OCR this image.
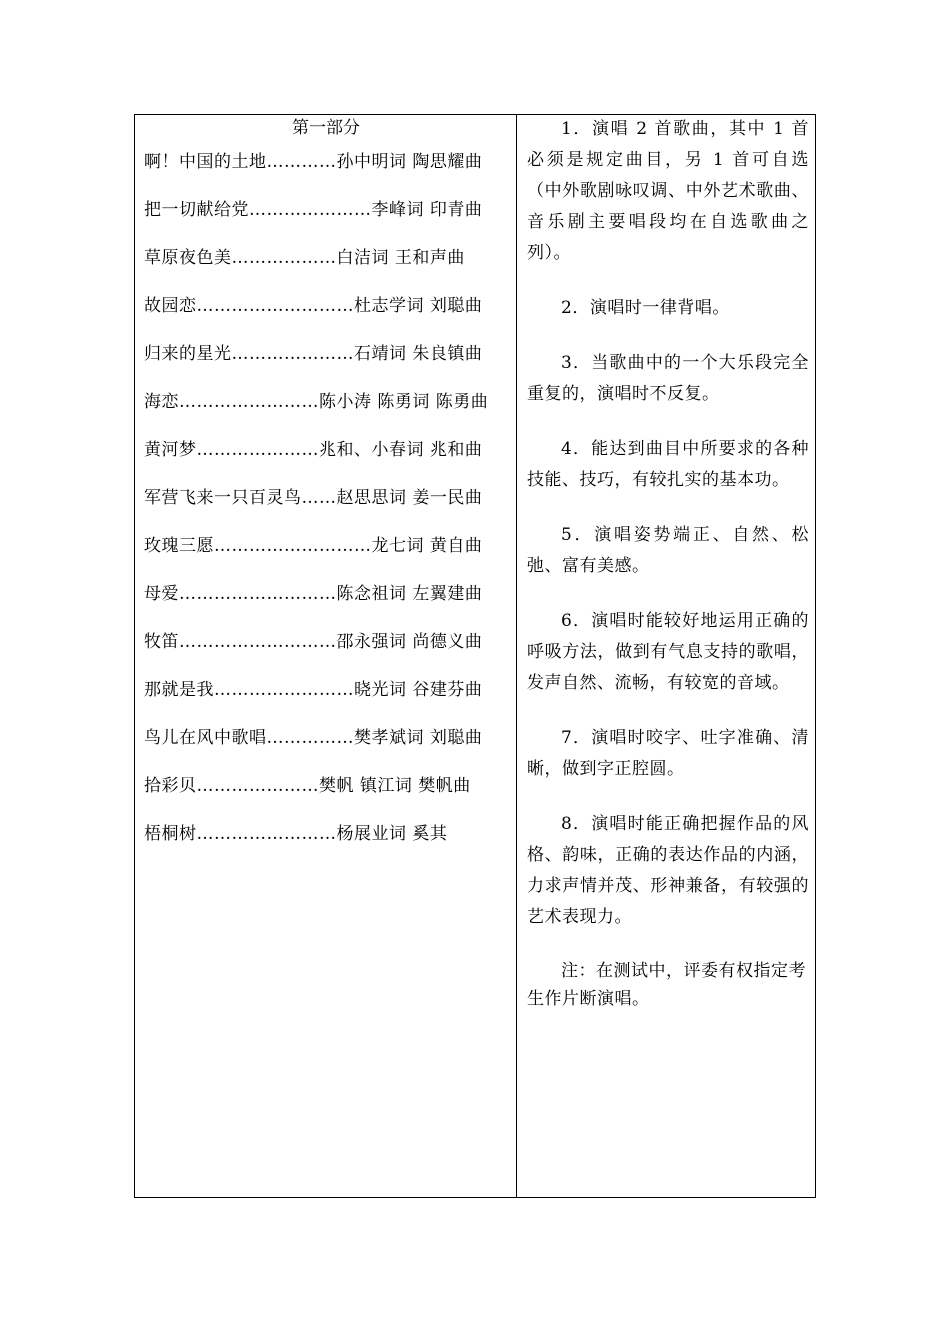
第一部分

啊！中国的土地…………孙中明词 陶思耀曲

把一切献给党…………………李峰词 印青曲

草原夜色美………………白洁词 王和声曲

故园恋………………………杜志学词 刘聪曲

归来的星光…………………石靖词 朱良镇曲

海恋……………………陈小涛 陈勇词 陈勇曲

黄河梦…………………兆和、小春词 兆和曲

军营飞来一只百灵鸟……赵思思词 姜一民曲

玫瑰三愿………………………龙七词 黄自曲

母爱………………………陈念祖词 左翼建曲

牧笛………………………邵永强词 尚德义曲

那就是我……………………晓光词 谷建芬曲

鸟儿在风中歌唱……………樊孝斌词 刘聪曲

拾彩贝…………………樊帆 镇江词 樊帆曲

梧桐树……………………杨展业词 奚其

1．演唱 2 首歌曲，其中 1 首必须是规定曲目，另 1 首可自选（中外歌剧咏叹调、中外艺术歌曲、音乐剧主要唱段均在自选歌曲之列）。

2．演唱时一律背唱。

3．当歌曲中的一个大乐段完全重复的，演唱时不反复。

4．能达到曲目中所要求的各种技能、技巧，有较扎实的基本功。

5．演唱姿势端正、自然、松弛、富有美感。

6．演唱时能较好地运用正确的呼吸方法，做到有气息支持的歌唱，发声自然、流畅，有较宽的音域。

7．演唱时咬字、吐字准确、清晰，做到字正腔圆。

8．演唱时能正确把握作品的风格、韵味，正确的表达作品的内涵，力求声情并茂、形神兼备，有较强的艺术表现力。

注：在测试中，评委有权指定考生作片断演唱。
